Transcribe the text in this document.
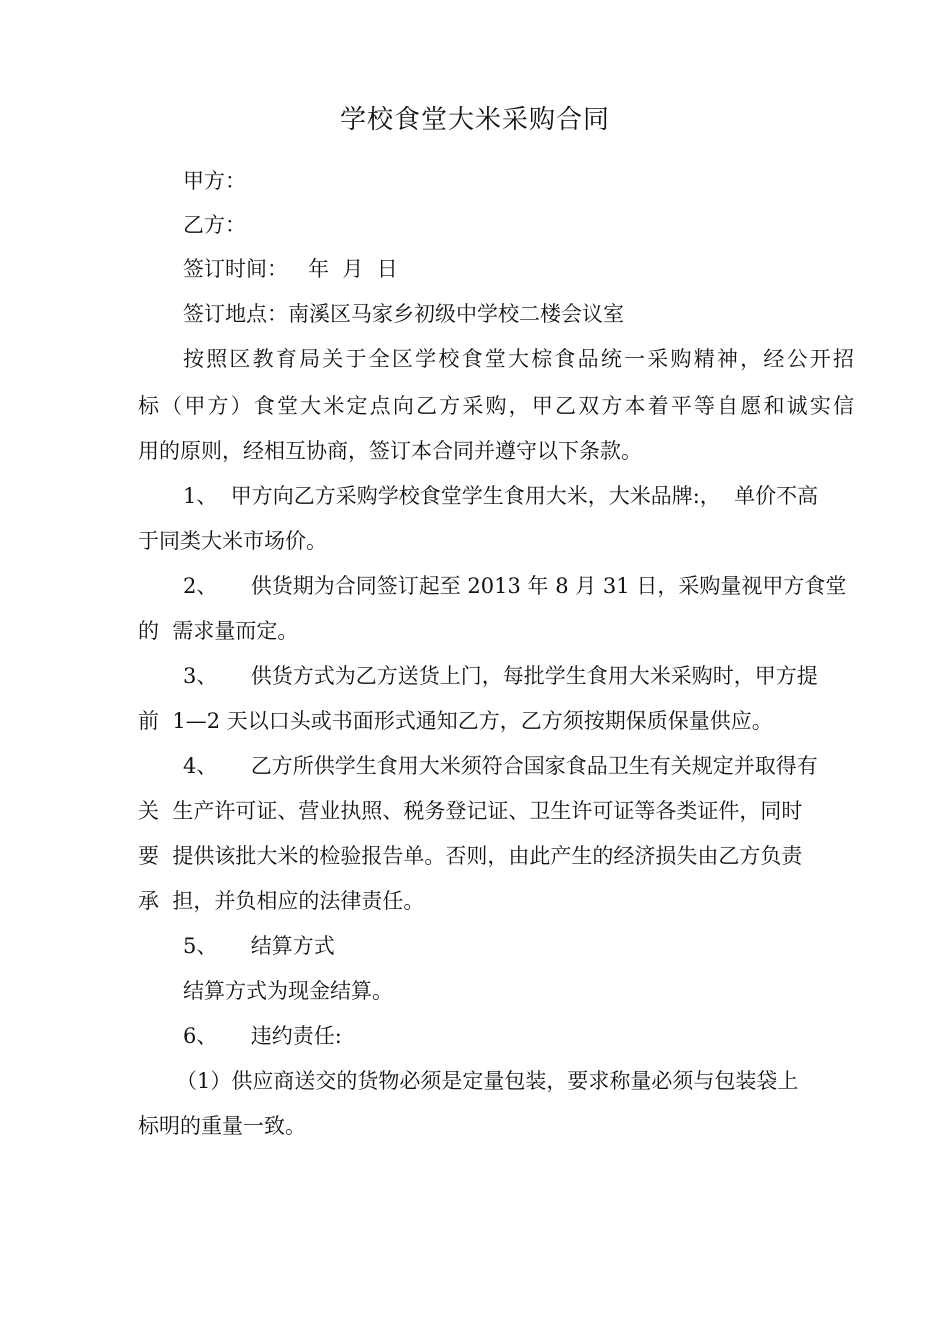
学校食堂大米采购合同
甲方：
乙方：
签订时间：   年  月  日
签订地点：南溪区马家乡初级中学校二楼会议室
按照区教育局关于全区学校食堂大棕食品统一采购精神，经公开招
标（甲方）食堂大米定点向乙方采购，甲乙双方本着平等自愿和诚实信
用的原则，经相互协商，签订本合同并遵守以下条款。
1、  甲方向乙方采购学校食堂学生食用大米，大米品牌:，  单价不高
于同类大米市场价。
2、     供货期为合同签订起至 2013 年 8 月 31 日，采购量视甲方食堂
的  需求量而定。
3、     供货方式为乙方送货上门，每批学生食用大米采购时，甲方提
前  1—2 天以口头或书面形式通知乙方，乙方须按期保质保量供应。
4、     乙方所供学生食用大米须符合国家食品卫生有关规定并取得有
关  生产许可证、营业执照、税务登记证、卫生许可证等各类证件，同时
要  提供该批大米的检验报告单。否则，由此产生的经济损失由乙方负责
承  担，并负相应的法律责任。
5、     结算方式
结算方式为现金结算。
6、     违约责任:
（1）供应商送交的货物必须是定量包装，要求称量必须与包装袋上
标明的重量一致。
